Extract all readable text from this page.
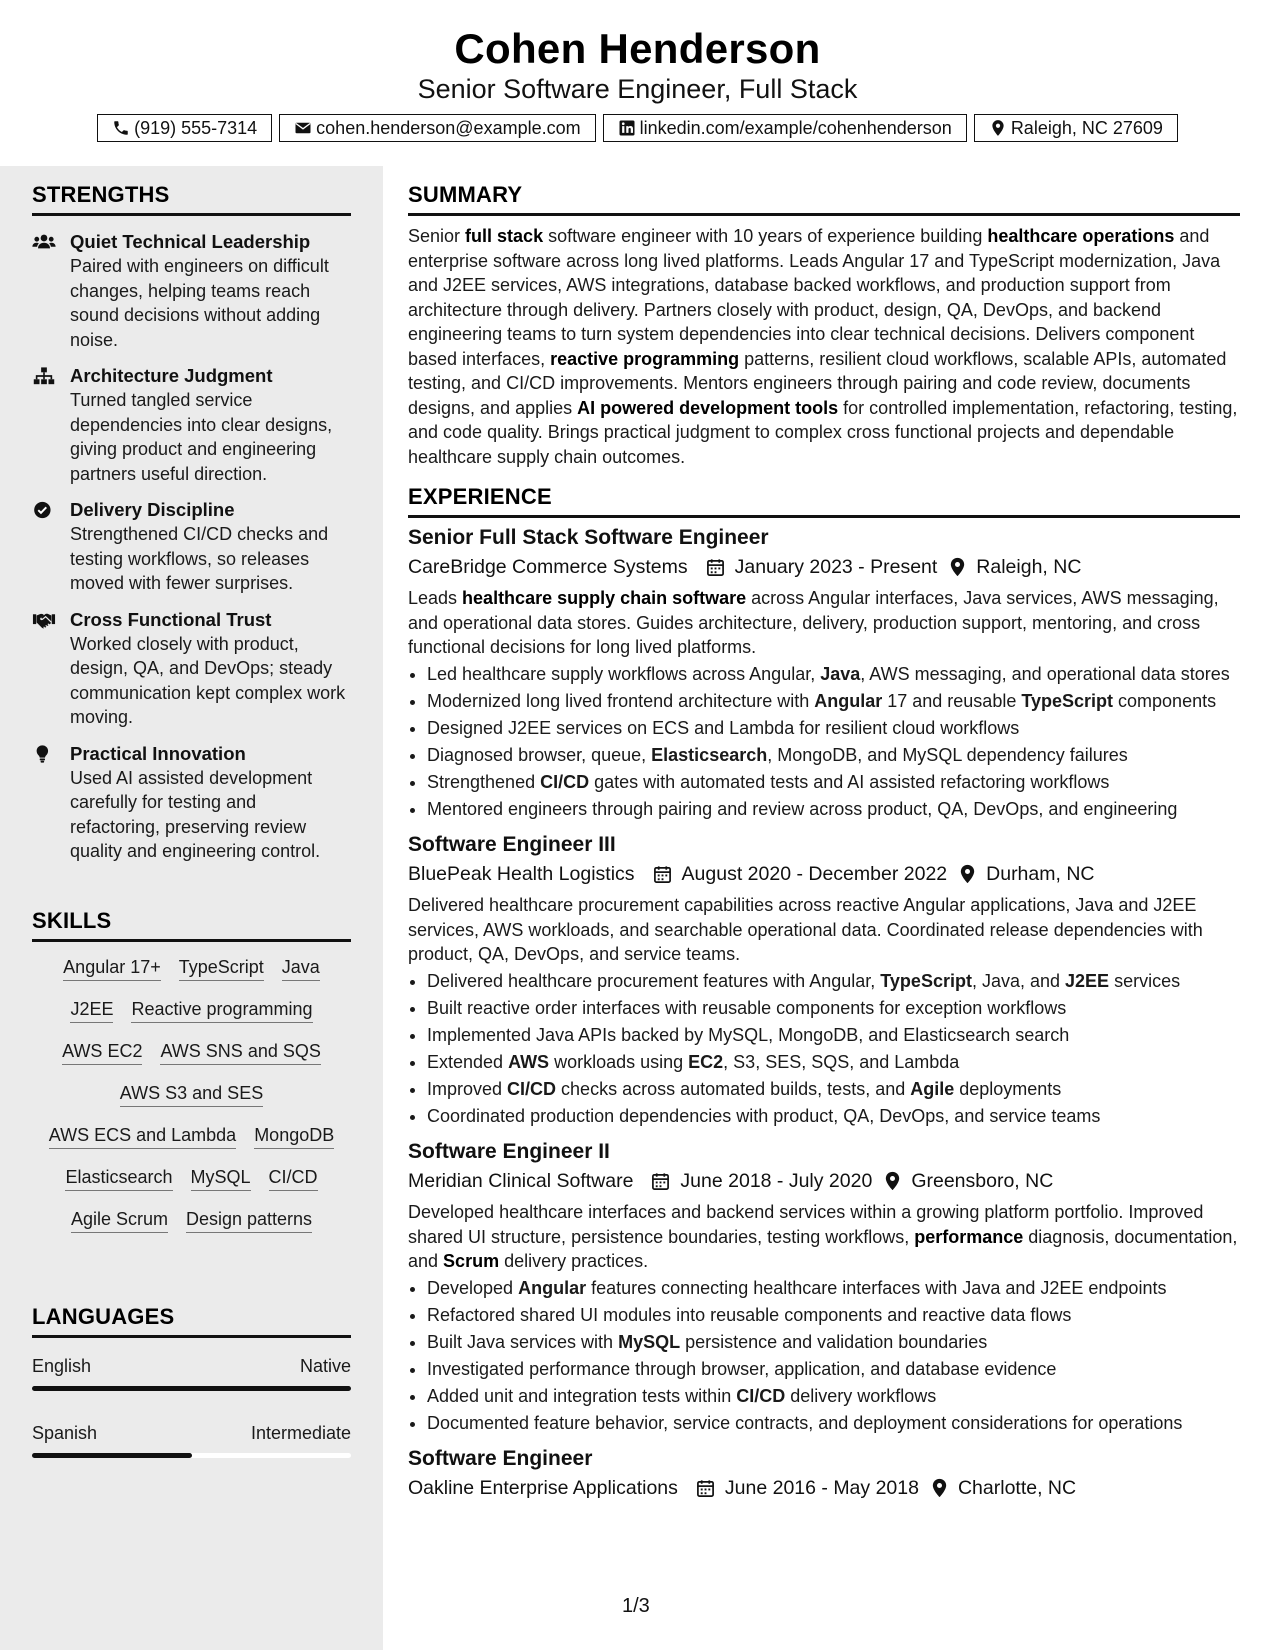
Cohen Henderson
Senior Software Engineer, Full Stack
(919) 555-7314	cohen.henderson@example.com	linkedin.com/example/cohenhenderson	Raleigh, NC 27609
STRENGTHS
Quiet Technical Leadership
Paired with engineers on difficult changes, helping teams reach sound decisions without adding noise.
Architecture Judgment
Turned tangled service dependencies into clear designs, giving product and engineering partners useful direction.
Delivery Discipline
Strengthened CI/CD checks and testing workflows, so releases moved with fewer surprises.
Cross Functional Trust
Worked closely with product, design, QA, and DevOps; steady communication kept complex work moving.
Practical Innovation
Used AI assisted development carefully for testing and refactoring, preserving review quality and engineering control.
SKILLS
Angular 17+ TypeScript Java
J2EE Reactive programming
AWS EC2 AWS SNS and SQS
AWS S3 and SES
AWS ECS and Lambda MongoDB
Elasticsearch MySQL CI/CD
Agile Scrum Design patterns
LANGUAGES
English	Native
Spanish	Intermediate
SUMMARY
Senior full stack software engineer with 10 years of experience building healthcare operations and enterprise software across long lived platforms. Leads Angular 17 and TypeScript modernization, Java and J2EE services, AWS integrations, database backed workflows, and production support from architecture through delivery. Partners closely with product, design, QA, DevOps, and backend engineering teams to turn system dependencies into clear technical decisions. Delivers component based interfaces, reactive programming patterns, resilient cloud workflows, scalable APIs, automated testing, and CI/CD improvements. Mentors engineers through pairing and code review, documents designs, and applies AI powered development tools for controlled implementation, refactoring, testing, and code quality. Brings practical judgment to complex cross functional projects and dependable healthcare supply chain outcomes.
EXPERIENCE
Senior Full Stack Software Engineer
CareBridge Commerce Systems January 2023 - Present Raleigh, NC
Leads healthcare supply chain software across Angular interfaces, Java services, AWS messaging, and operational data stores. Guides architecture, delivery, production support, mentoring, and cross functional decisions for long lived platforms.
• Led healthcare supply workflows across Angular, Java, AWS messaging, and operational data stores
• Modernized long lived frontend architecture with Angular 17 and reusable TypeScript components
• Designed J2EE services on ECS and Lambda for resilient cloud workflows
• Diagnosed browser, queue, Elasticsearch, MongoDB, and MySQL dependency failures
• Strengthened CI/CD gates with automated tests and AI assisted refactoring workflows
• Mentored engineers through pairing and review across product, QA, DevOps, and engineering
Software Engineer III
BluePeak Health Logistics August 2020 - December 2022 Durham, NC
Delivered healthcare procurement capabilities across reactive Angular applications, Java and J2EE services, AWS workloads, and searchable operational data. Coordinated release dependencies with product, QA, DevOps, and service teams.
• Delivered healthcare procurement features with Angular, TypeScript, Java, and J2EE services
• Built reactive order interfaces with reusable components for exception workflows
• Implemented Java APIs backed by MySQL, MongoDB, and Elasticsearch search
• Extended AWS workloads using EC2, S3, SES, SQS, and Lambda
• Improved CI/CD checks across automated builds, tests, and Agile deployments
• Coordinated production dependencies with product, QA, DevOps, and service teams
Software Engineer II
Meridian Clinical Software June 2018 - July 2020 Greensboro, NC
Developed healthcare interfaces and backend services within a growing platform portfolio. Improved shared UI structure, persistence boundaries, testing workflows, performance diagnosis, documentation, and Scrum delivery practices.
• Developed Angular features connecting healthcare interfaces with Java and J2EE endpoints
• Refactored shared UI modules into reusable components and reactive data flows
• Built Java services with MySQL persistence and validation boundaries
• Investigated performance through browser, application, and database evidence
• Added unit and integration tests within CI/CD delivery workflows
• Documented feature behavior, service contracts, and deployment considerations for operations
Software Engineer
Oakline Enterprise Applications June 2016 - May 2018 Charlotte, NC
1/3
